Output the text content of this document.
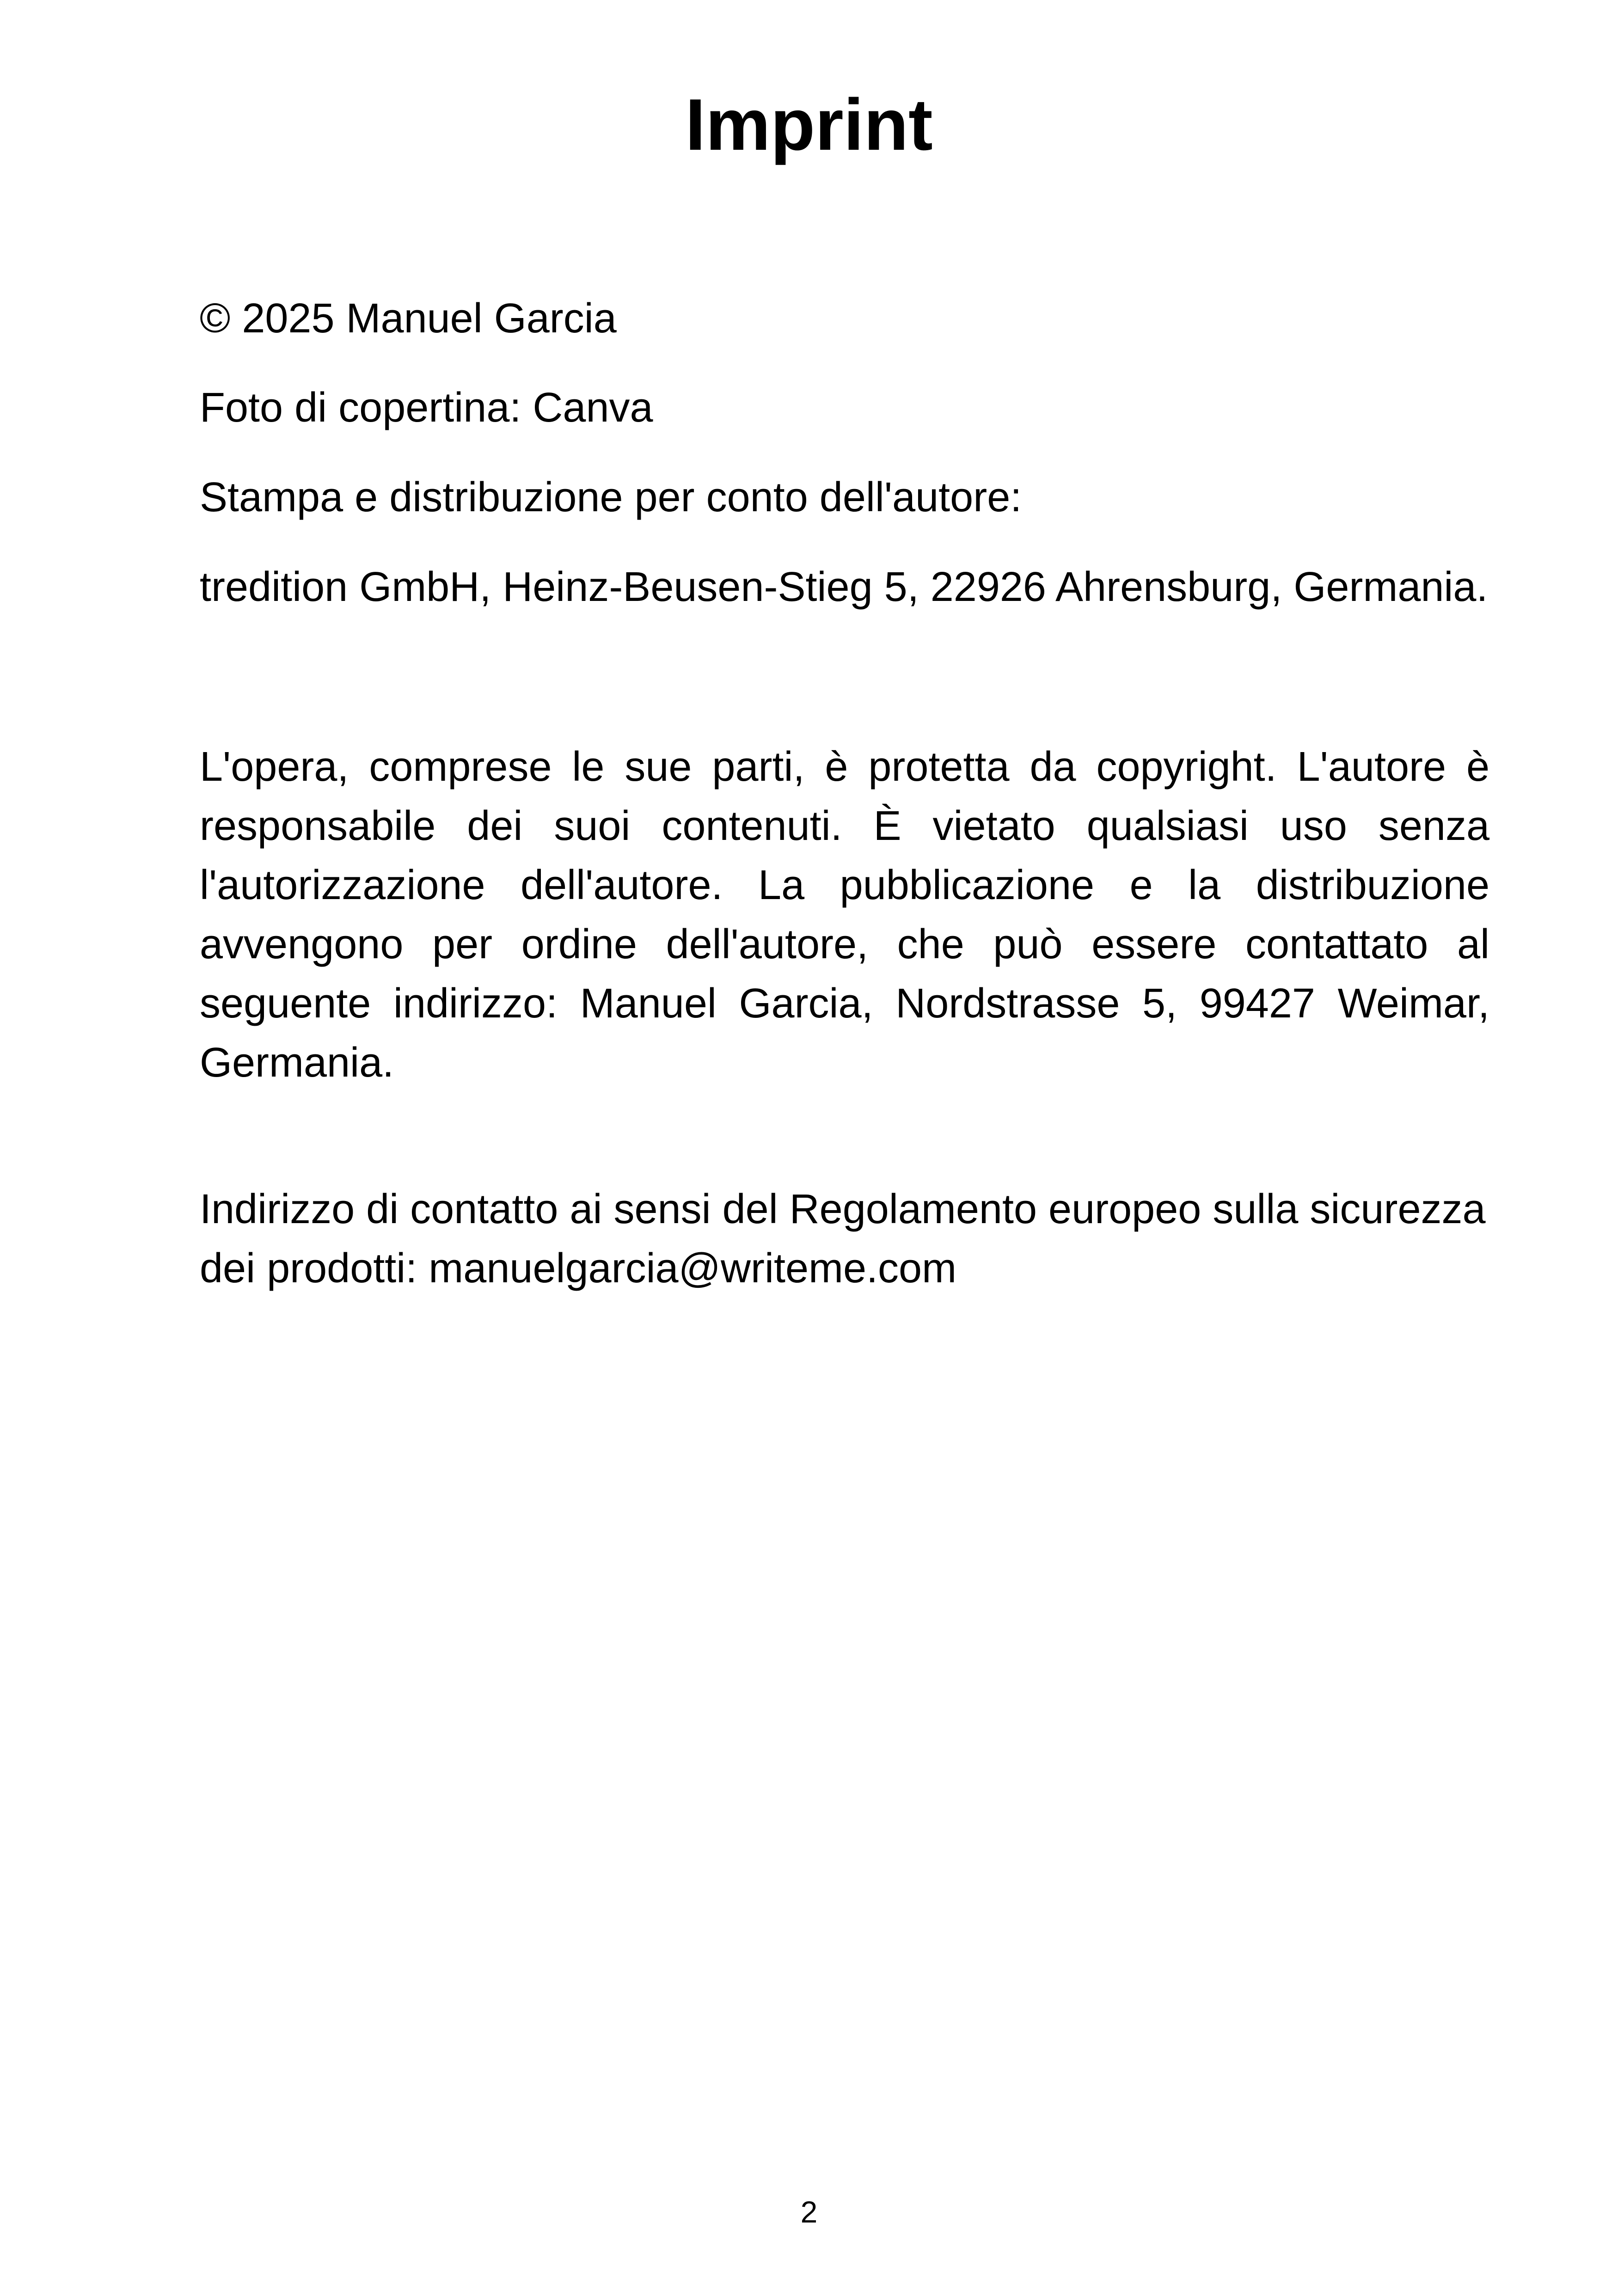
Imprint

© 2025 Manuel Garcia

Foto di copertina: Canva

Stampa e distribuzione per conto dell'autore:

tredition GmbH, Heinz-Beusen-Stieg 5, 22926 Ahrensburg, Germania.

L'opera, comprese le sue parti, è protetta da copyright. L'autore è responsabile dei suoi contenuti. È vietato qualsiasi uso senza l'autorizzazione dell'autore. La pubblicazione e la distribuzione avvengono per ordine dell'autore, che può essere contattato al seguente indirizzo: Manuel Garcia, Nordstrasse 5, 99427 Weimar, Germania.

Indirizzo di contatto ai sensi del Regolamento europeo sulla sicurezza dei prodotti: manuelgarcia@writeme.com

2
